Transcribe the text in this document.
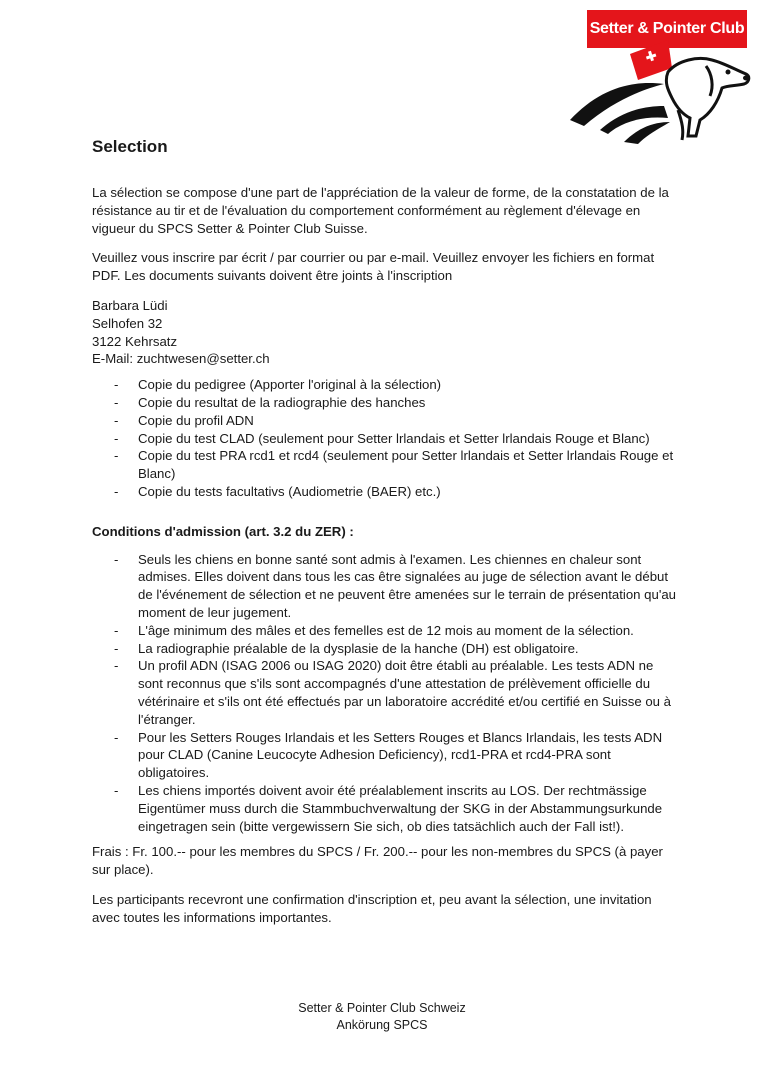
Setter & Pointer Club
Selection

La sélection se compose d'une part de l'appréciation de la valeur de forme, de la constatation de la résistance au tir et de l'évaluation du comportement conformément au règlement d'élevage en vigueur du SPCS Setter & Pointer Club Suisse.

Veuillez vous inscrire par écrit / par courrier ou par e-mail. Veuillez envoyer les fichiers en format PDF. Les documents suivants doivent être joints à l'inscription

Barbara Lüdi
Selhofen 32
3122 Kehrsatz
E-Mail: zuchtwesen@setter.ch
- Copie du pedigree (Apporter l'original à la sélection)
- Copie du resultat de la radiographie des hanches
- Copie du profil ADN
- Copie du test CLAD (seulement pour Setter lrlandais et Setter lrlandais Rouge et Blanc)
- Copie du test PRA rcd1 et rcd4 (seulement pour Setter lrlandais et Setter lrlandais Rouge et Blanc)
- Copie du tests facultativs (Audiometrie (BAER) etc.)

Conditions d'admission (art. 3.2 du ZER) :

- Seuls les chiens en bonne santé sont admis à l'examen. Les chiennes en chaleur sont admises. Elles doivent dans tous les cas être signalées au juge de sélection avant le début de l'événement de sélection et ne peuvent être amenées sur le terrain de présentation qu'au moment de leur jugement.
- L'âge minimum des mâles et des femelles est de 12 mois au moment de la sélection.
- La radiographie préalable de la dysplasie de la hanche (DH) est obligatoire.
- Un profil ADN (ISAG 2006 ou ISAG 2020) doit être établi au préalable. Les tests ADN ne sont reconnus que s'ils sont accompagnés d'une attestation de prélèvement officielle du vétérinaire et s'ils ont été effectués par un laboratoire accrédité et/ou certifié en Suisse ou à l'étranger.
- Pour les Setters Rouges Irlandais et les Setters Rouges et Blancs Irlandais, les tests ADN pour CLAD (Canine Leucocyte Adhesion Deficiency), rcd1-PRA et rcd4-PRA sont obligatoires.
- Les chiens importés doivent avoir été préalablement inscrits au LOS. Der rechtmässige Eigentümer muss durch die Stammbuchverwaltung der SKG in der Abstammungsurkunde eingetragen sein (bitte vergewissern Sie sich, ob dies tatsächlich auch der Fall ist!).

Frais : Fr. 100.-- pour les membres du SPCS / Fr. 200.-- pour les non-membres du SPCS (à payer sur place).

Les participants recevront une confirmation d'inscription et, peu avant la sélection, une invitation avec toutes les informations importantes.

Setter & Pointer Club Schweiz
Ankörung SPCS
